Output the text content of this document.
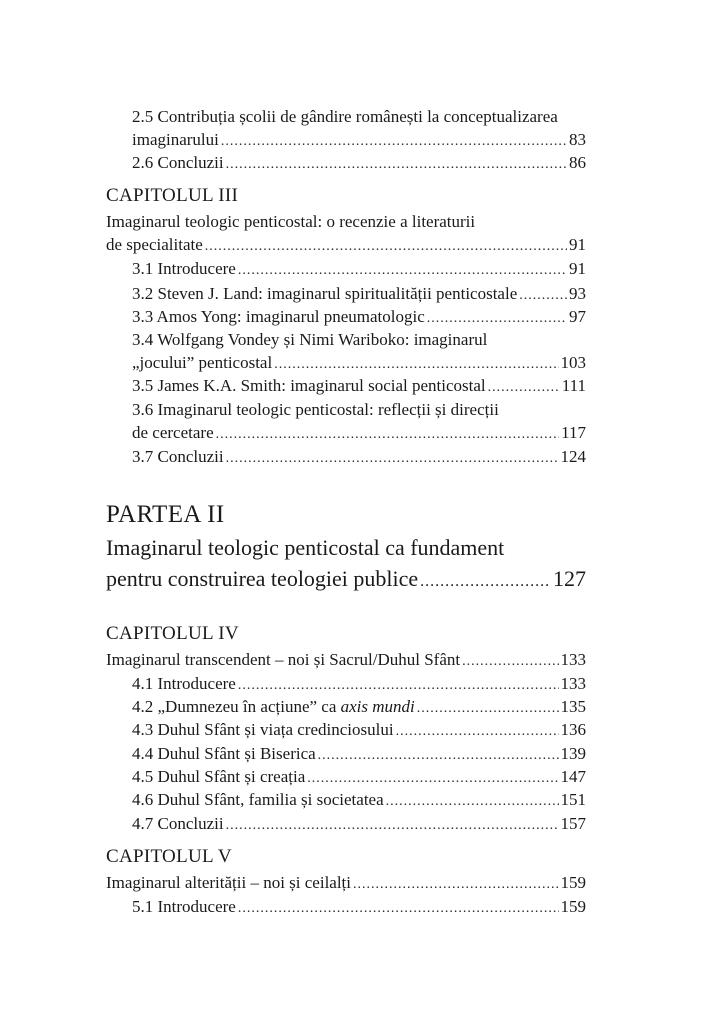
2.5 Contribuția școlii de gândire românești la conceptualizarea
imaginarului .....	83
2.6 Concluzii .....	86
CAPITOLUL III
Imaginarul teologic penticostal: o recenzie a literaturii
de specialitate .....	91
3.1 Introducere .....	91
3.2 Steven J. Land: imaginarul spiritualității penticostale .....	93
3.3 Amos Yong: imaginarul pneumatologic .....	97
3.4 Wolfgang Vondey și Nimi Wariboko: imaginarul
„jocului” penticostal .....	103
3.5 James K.A. Smith: imaginarul social penticostal .....	111
3.6 Imaginarul teologic penticostal: reflecții și direcții
de cercetare .....	117
3.7 Concluzii .....	124
PARTEA II
Imaginarul teologic penticostal ca fundament
pentru construirea teologiei publice .....	127
CAPITOLUL IV
Imaginarul transcendent – noi și Sacrul/Duhul Sfânt .....	133
4.1 Introducere .....	133
4.2 „Dumnezeu în acțiune” ca axis mundi .....	135
4.3 Duhul Sfânt și viața credinciosului .....	136
4.4 Duhul Sfânt și Biserica .....	139
4.5 Duhul Sfânt și creația .....	147
4.6 Duhul Sfânt, familia și societatea .....	151
4.7 Concluzii .....	157
CAPITOLUL V
Imaginarul alterității – noi și ceilalți .....	159
5.1 Introducere .....	159
